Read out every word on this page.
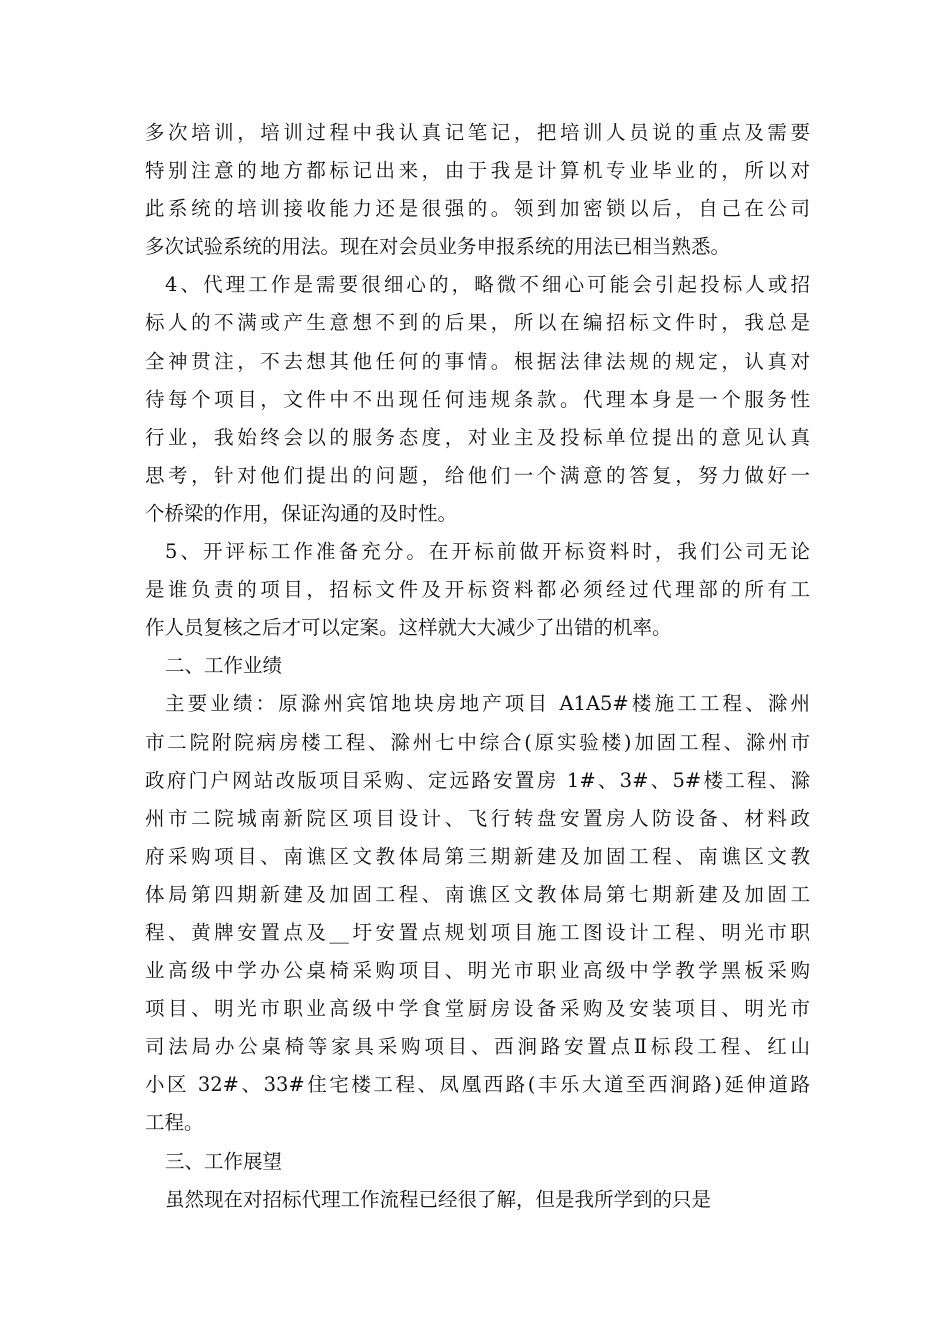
多次培训，培训过程中我认真记笔记，把培训人员说的重点及需要
特别注意的地方都标记出来，由于我是计算机专业毕业的，所以对
此系统的培训接收能力还是很强的。领到加密锁以后，自己在公司
多次试验系统的用法。现在对会员业务申报系统的用法已相当熟悉。
4、代理工作是需要很细心的，略微不细心可能会引起投标人或招
标人的不满或产生意想不到的后果，所以在编招标文件时，我总是
全神贯注，不去想其他任何的事情。根据法律法规的规定，认真对
待每个项目，文件中不出现任何违规条款。代理本身是一个服务性
行业，我始终会以的服务态度，对业主及投标单位提出的意见认真
思考，针对他们提出的问题，给他们一个满意的答复，努力做好一
个桥梁的作用，保证沟通的及时性。
5、开评标工作准备充分。在开标前做开标资料时，我们公司无论
是谁负责的项目，招标文件及开标资料都必须经过代理部的所有工
作人员复核之后才可以定案。这样就大大减少了出错的机率。
二、工作业绩
主要业绩：原滁州宾馆地块房地产项目 A1A5#楼施工工程、滁州
市二院附院病房楼工程、滁州七中综合(原实验楼)加固工程、滁州市
政府门户网站改版项目采购、定远路安置房 1#、3#、5#楼工程、滁
州市二院城南新院区项目设计、飞行转盘安置房人防设备、材料政
府采购项目、南谯区文教体局第三期新建及加固工程、南谯区文教
体局第四期新建及加固工程、南谯区文教体局第七期新建及加固工
程、黄牌安置点及__圩安置点规划项目施工图设计工程、明光市职
业高级中学办公桌椅采购项目、明光市职业高级中学教学黑板采购
项目、明光市职业高级中学食堂厨房设备采购及安装项目、明光市
司法局办公桌椅等家具采购项目、西涧路安置点Ⅱ标段工程、红山
小区 32#、33#住宅楼工程、凤凰西路(丰乐大道至西涧路)延伸道路
工程。
三、工作展望
虽然现在对招标代理工作流程已经很了解，但是我所学到的只是
